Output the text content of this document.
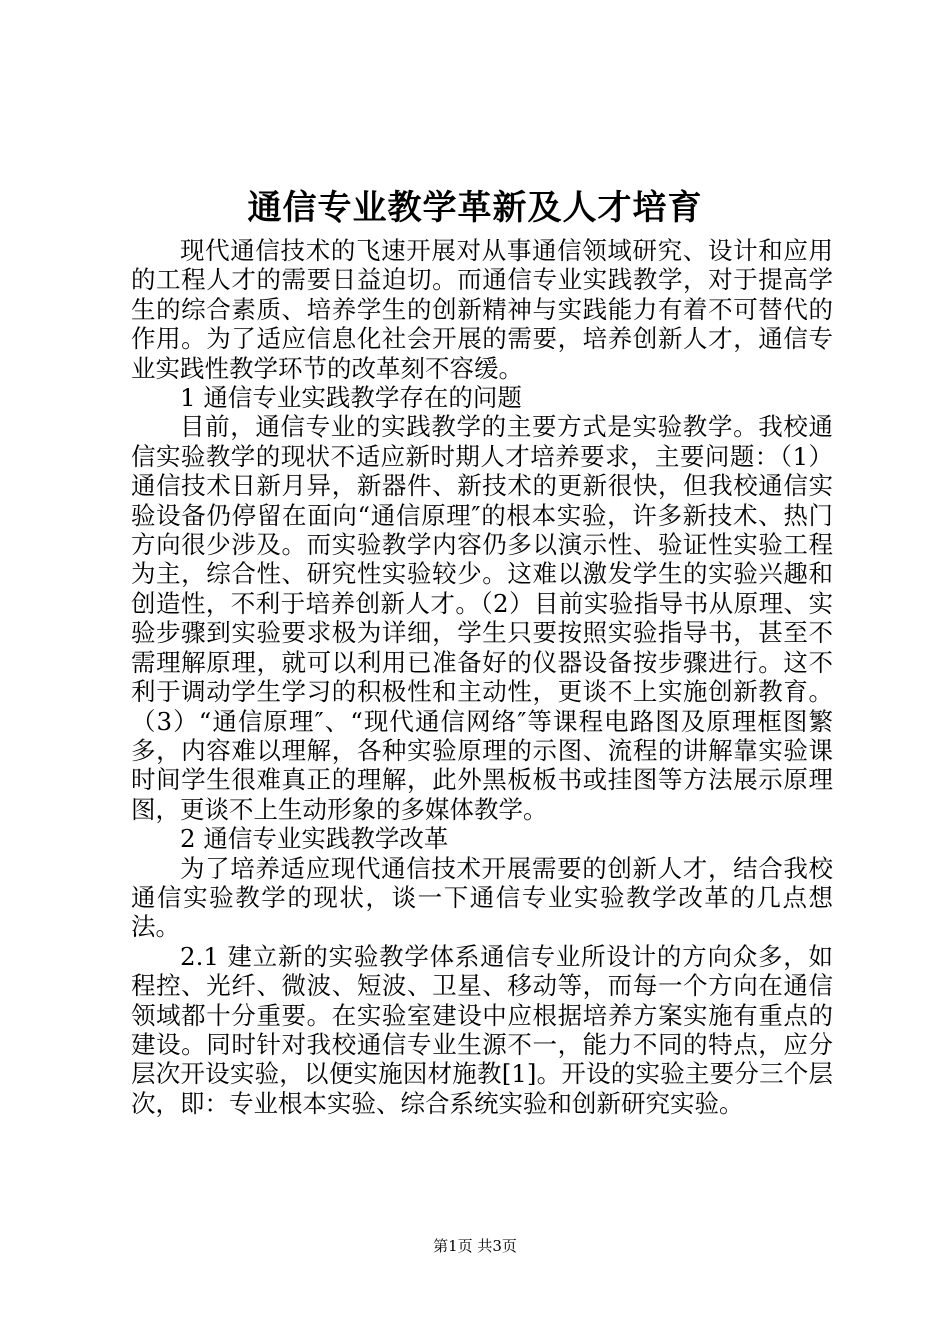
通信专业教学革新及人才培育

现代通信技术的飞速开展对从事通信领域研究、设计和应用的工程人才的需要日益迫切。而通信专业实践教学，对于提高学生的综合素质、培养学生的创新精神与实践能力有着不可替代的作用。为了适应信息化社会开展的需要，培养创新人才，通信专业实践性教学环节的改革刻不容缓。

1 通信专业实践教学存在的问题

目前，通信专业的实践教学的主要方式是实验教学。我校通信实验教学的现状不适应新时期人才培养要求，主要问题：（1）通信技术日新月异，新器件、新技术的更新很快，但我校通信实验设备仍停留在面向“通信原理″的根本实验，许多新技术、热门方向很少涉及。而实验教学内容仍多以演示性、验证性实验工程为主，综合性、研究性实验较少。这难以激发学生的实验兴趣和创造性，不利于培养创新人才。（2）目前实验指导书从原理、实验步骤到实验要求极为详细，学生只要按照实验指导书，甚至不需理解原理，就可以利用已准备好的仪器设备按步骤进行。这不利于调动学生学习的积极性和主动性，更谈不上实施创新教育。（3）“通信原理″、“现代通信网络″等课程电路图及原理框图繁多，内容难以理解，各种实验原理的示图、流程的讲解靠实验课时间学生很难真正的理解，此外黑板板书或挂图等方法展示原理图，更谈不上生动形象的多媒体教学。

2 通信专业实践教学改革

为了培养适应现代通信技术开展需要的创新人才，结合我校通信实验教学的现状，谈一下通信专业实验教学改革的几点想法。

2.1 建立新的实验教学体系通信专业所设计的方向众多，如程控、光纤、微波、短波、卫星、移动等，而每一个方向在通信领域都十分重要。在实验室建设中应根据培养方案实施有重点的建设。同时针对我校通信专业生源不一，能力不同的特点，应分层次开设实验，以便实施因材施教[1]。开设的实验主要分三个层次，即：专业根本实验、综合系统实验和创新研究实验。

第1页 共3页
